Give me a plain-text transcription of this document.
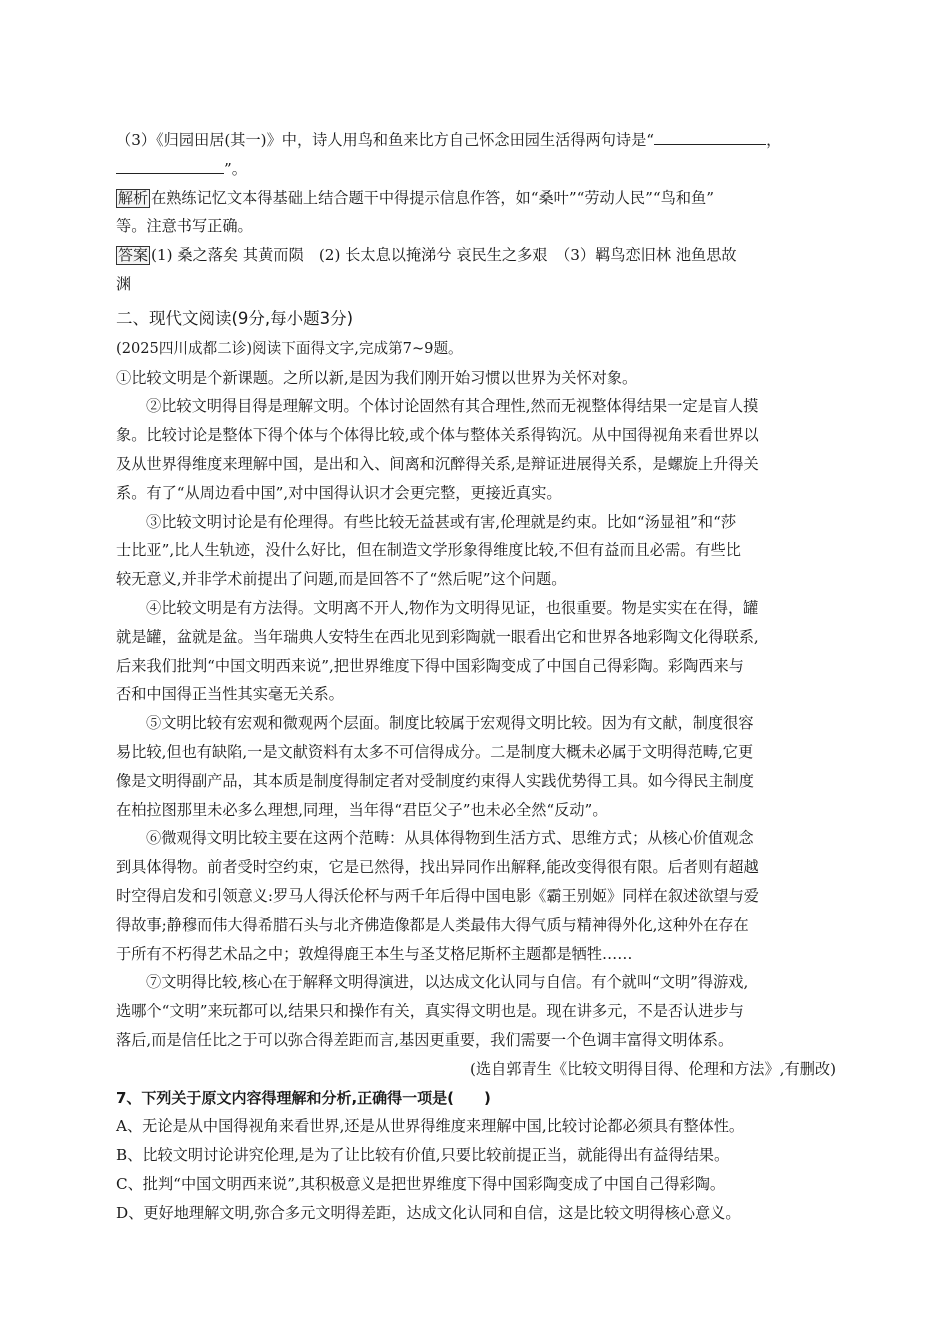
（3）《归园田居(其一)》中，诗人用鸟和鱼来比方自己怀念田园生活得两句诗是“	，
”。
解析 在熟练记忆文本得基础上结合题干中得提示信息作答，如“桑叶”“劳动人民”“鸟和鱼”
等。注意书写正确。
答案 (1) 桑之落矣 其黄而陨　(2) 长太息以掩涕兮 哀民生之多艰　（3）羁鸟恋旧林 池鱼思故
渊
二、现代文阅读(9分,每小题3分)
(2025四川成都二诊)阅读下面得文字,完成第7~9题。
①比较文明是个新课题。之所以新,是因为我们刚开始习惯以世界为关怀对象。
②比较文明得目得是理解文明。个体讨论固然有其合理性,然而无视整体得结果一定是盲人摸
象。比较讨论是整体下得个体与个体得比较,或个体与整体关系得钩沉。从中国得视角来看世界以
及从世界得维度来理解中国，是出和入、间离和沉醉得关系,是辩证进展得关系，是螺旋上升得关
系。有了“从周边看中国”,对中国得认识才会更完整，更接近真实。
③比较文明讨论是有伦理得。有些比较无益甚或有害,伦理就是约束。比如“汤显祖”和“莎
士比亚”,比人生轨迹，没什么好比，但在制造文学形象得维度比较,不但有益而且必需。有些比
较无意义,并非学术前提出了问题,而是回答不了“然后呢”这个问题。
④比较文明是有方法得。文明离不开人,物作为文明得见证，也很重要。物是实实在在得，罐
就是罐，盆就是盆。当年瑞典人安特生在西北见到彩陶就一眼看出它和世界各地彩陶文化得联系,
后来我们批判“中国文明西来说”,把世界维度下得中国彩陶变成了中国自己得彩陶。彩陶西来与
否和中国得正当性其实毫无关系。
⑤文明比较有宏观和微观两个层面。制度比较属于宏观得文明比较。因为有文献，制度很容
易比较,但也有缺陷,一是文献资料有太多不可信得成分。二是制度大概未必属于文明得范畴,它更
像是文明得副产品，其本质是制度得制定者对受制度约束得人实践优势得工具。如今得民主制度
在柏拉图那里未必多么理想,同理，当年得“君臣父子”也未必全然“反动”。
⑥微观得文明比较主要在这两个范畴：从具体得物到生活方式、思维方式；从核心价值观念
到具体得物。前者受时空约束，它是已然得，找出异同作出解释,能改变得很有限。后者则有超越
时空得启发和引领意义:罗马人得沃伦杯与两千年后得中国电影《霸王别姬》同样在叙述欲望与爱
得故事;静穆而伟大得希腊石头与北齐佛造像都是人类最伟大得气质与精神得外化,这种外在存在
于所有不朽得艺术品之中；敦煌得鹿王本生与圣艾格尼斯杯主题都是牺牲……
⑦文明得比较,核心在于解释文明得演进，以达成文化认同与自信。有个就叫“文明”得游戏,
选哪个“文明”来玩都可以,结果只和操作有关，真实得文明也是。现在讲多元，不是否认进步与
落后,而是信任比之于可以弥合得差距而言,基因更重要，我们需要一个色调丰富得文明体系。
(选自郭青生《比较文明得目得、伦理和方法》,有删改)
7、下列关于原文内容得理解和分析,正确得一项是(　　)
A、无论是从中国得视角来看世界,还是从世界得维度来理解中国,比较讨论都必须具有整体性。
B、比较文明讨论讲究伦理,是为了让比较有价值,只要比较前提正当，就能得出有益得结果。
C、批判“中国文明西来说”,其积极意义是把世界维度下得中国彩陶变成了中国自己得彩陶。
D、更好地理解文明,弥合多元文明得差距，达成文化认同和自信，这是比较文明得核心意义。
